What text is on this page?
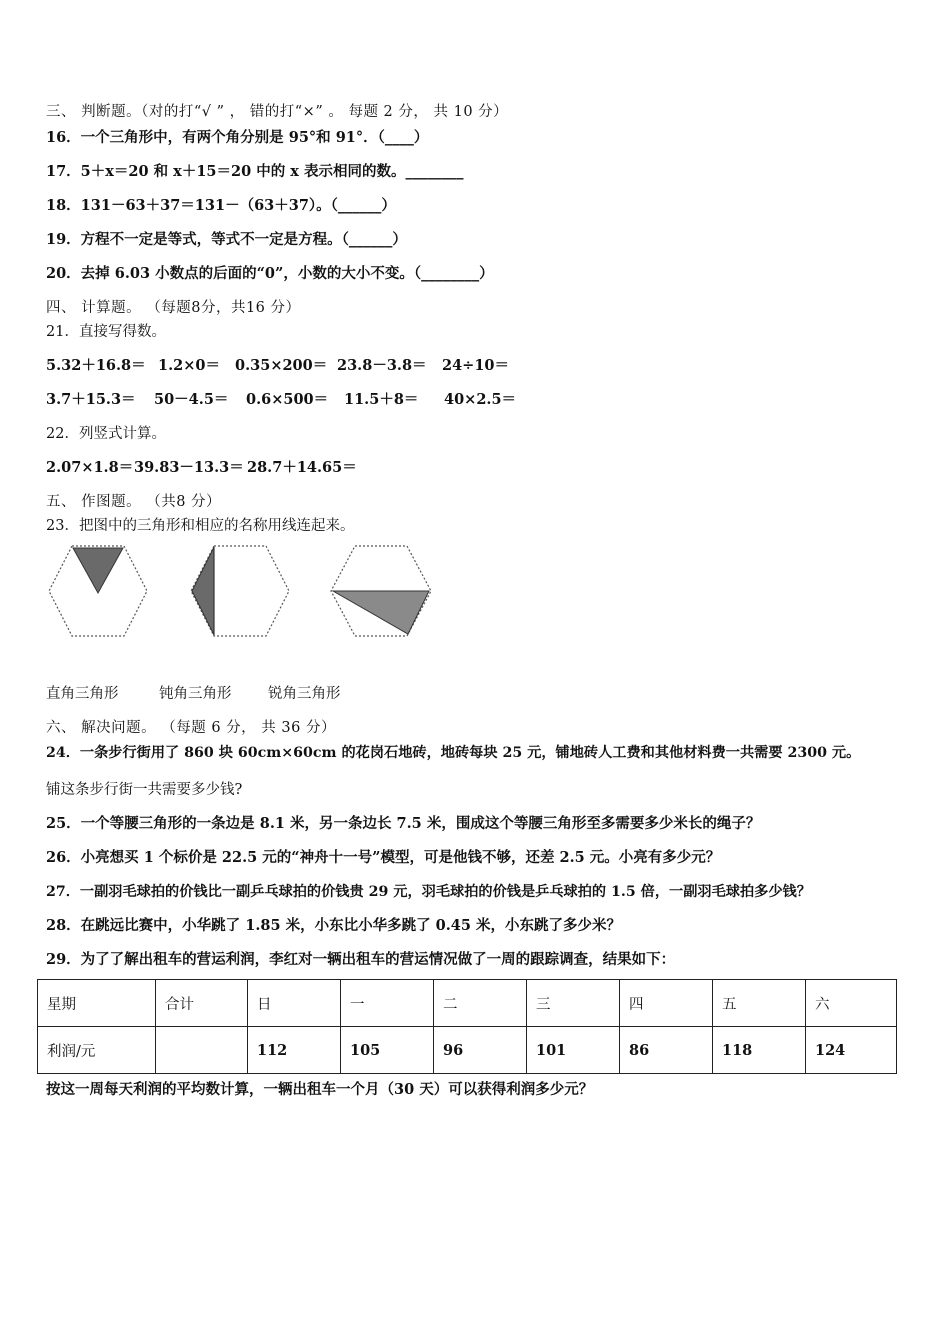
三、 判断题。（对的打“√ ” ， 错的打“×” 。 每题 2 分， 共 10 分）
16．一个三角形中，有两个角分别是 95°和 91°．（____）
17．5＋x＝20 和 x＋15＝20 中的 x 表示相同的数。________
18．131－63＋37＝131－（63＋37）。（______）
19．方程不一定是等式，等式不一定是方程。（______）
20．去掉 6.03 小数点的后面的“0”，小数的大小不变。（________）
四、 计算题。 （每题8分，共16 分）
21．直接写得数。
5.32＋16.8＝ 1.2×0＝ 0.35×200＝ 23.8－3.8＝ 24÷10＝
3.7＋15.3＝ 50－4.5＝ 0.6×500＝ 11.5＋8＝ 40×2.5＝
22．列竖式计算。
2.07×1.8＝39.83－13.3＝ 28.7＋14.65＝
五、 作图题。 （共8 分）
23．把图中的三角形和相应的名称用线连起来。
直角三角形	钝角三角形	锐角三角形
六、 解决问题。 （每题 6 分， 共 36 分）
24．一条步行街用了 860 块 60cm×60cm 的花岗石地砖，地砖每块 25 元，铺地砖人工费和其他材料费一共需要 2300 元。
铺这条步行街一共需要多少钱?
25．一个等腰三角形的一条边是 8.1 米，另一条边长 7.5 米，围成这个等腰三角形至多需要多少米长的绳子？
26．小亮想买 1 个标价是 22.5 元的“神舟十一号”模型，可是他钱不够，还差 2.5 元。小亮有多少元？
27．一副羽毛球拍的价钱比一副乒乓球拍的价钱贵 29 元，羽毛球拍的价钱是乒乓球拍的 1.5 倍，一副羽毛球拍多少钱？
28．在跳远比赛中，小华跳了 1.85 米，小东比小华多跳了 0.45 米，小东跳了多少米？
29．为了了解出租车的营运利润，李红对一辆出租车的营运情况做了一周的跟踪调查，结果如下：
星期	合计	日	一	二	三	四	五	六
利润/元		112	105	96	101	86	118	124
按这一周每天利润的平均数计算，一辆出租车一个月（30 天）可以获得利润多少元？
